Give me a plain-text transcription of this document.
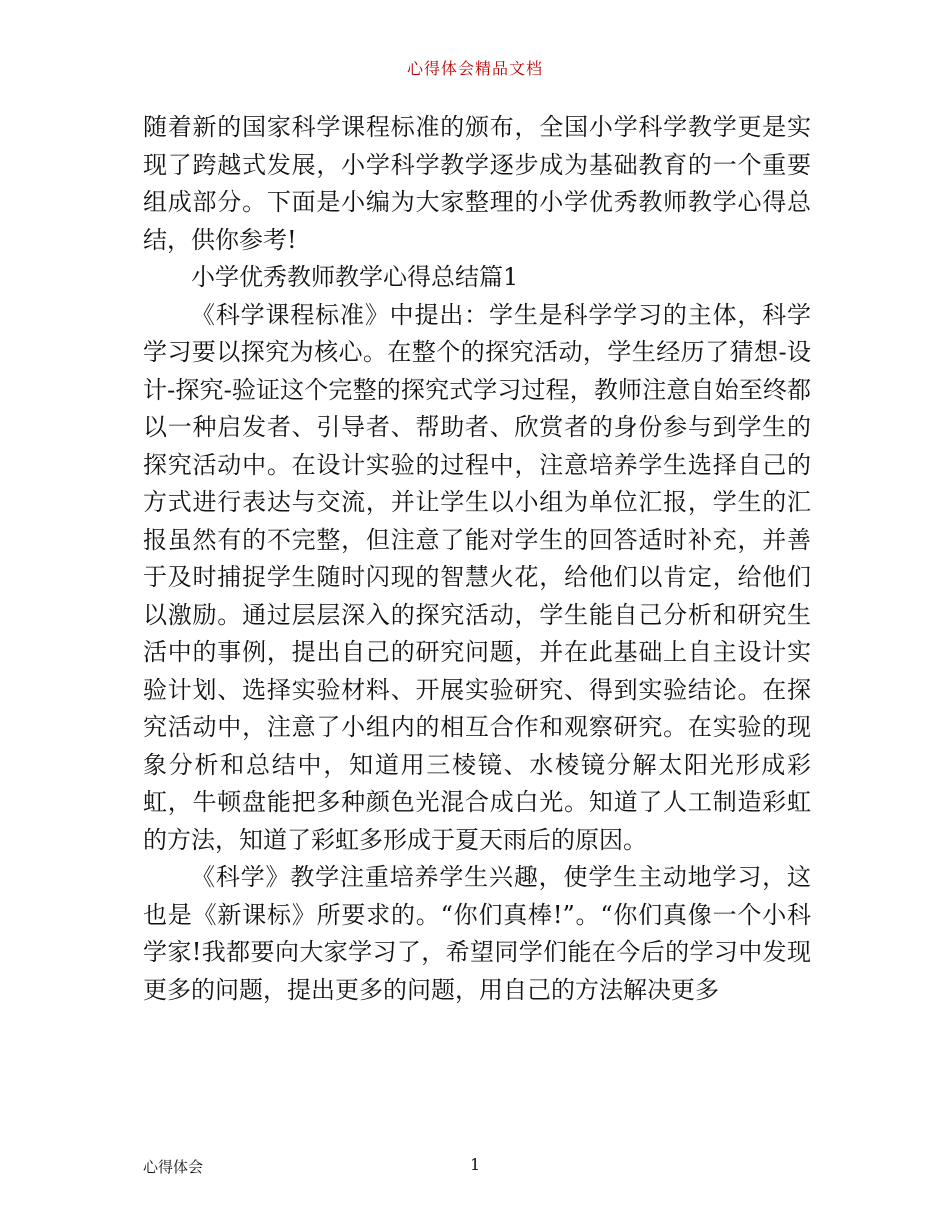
心得体会精品文档

随着新的国家科学课程标准的颁布，全国小学科学教学更是实现了跨越式发展，小学科学教学逐步成为基础教育的一个重要组成部分。下面是小编为大家整理的小学优秀教师教学心得总结，供你参考!

小学优秀教师教学心得总结篇1

《科学课程标准》中提出：学生是科学学习的主体，科学学习要以探究为核心。在整个的探究活动，学生经历了猜想-设计-探究-验证这个完整的探究式学习过程，教师注意自始至终都以一种启发者、引导者、帮助者、欣赏者的身份参与到学生的探究活动中。在设计实验的过程中，注意培养学生选择自己的方式进行表达与交流，并让学生以小组为单位汇报，学生的汇报虽然有的不完整，但注意了能对学生的回答适时补充，并善于及时捕捉学生随时闪现的智慧火花，给他们以肯定，给他们以激励。通过层层深入的探究活动，学生能自己分析和研究生活中的事例，提出自己的研究问题，并在此基础上自主设计实验计划、选择实验材料、开展实验研究、得到实验结论。在探究活动中，注意了小组内的相互合作和观察研究。在实验的现象分析和总结中，知道用三棱镜、水棱镜分解太阳光形成彩虹，牛顿盘能把多种颜色光混合成白光。知道了人工制造彩虹的方法，知道了彩虹多形成于夏天雨后的原因。

《科学》教学注重培养学生兴趣，使学生主动地学习，这也是《新课标》所要求的。“你们真棒!”。“你们真像一个小科学家!我都要向大家学习了，希望同学们能在今后的学习中发现更多的问题，提出更多的问题，用自己的方法解决更多

心得体会	1
